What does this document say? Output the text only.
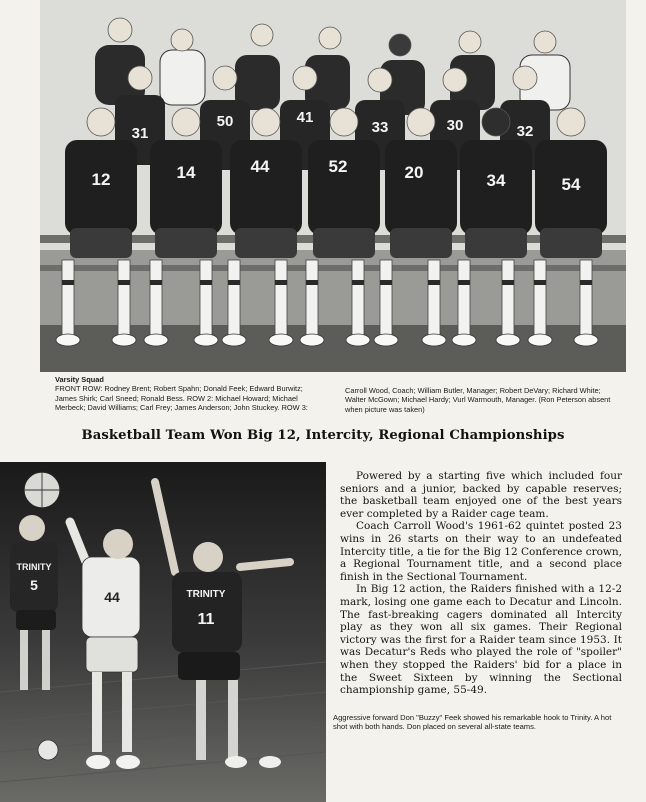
31
50	41
33	30	32
12	14	44	52	20	34	54
Varsity Squad
FRONT ROW: Rodney Brent; Robert Spahn; Donald Feek; Edward Burwitz; James Shirk; Carl Sneed; Ronald Bess. ROW 2: Michael Howard; Michael Merbeck; David Williams; Carl Frey; James Anderson; John Stuckey. ROW 3:
Carroll Wood, Coach; William Butler, Manager; Robert DeVary; Richard White; Walter McGown; Michael Hardy; Vurl Warmouth, Manager. (Ron Peterson absent when picture was taken)
Basketball Team Won Big 12, Intercity, Regional Championships
TRINITY
5
44	TRINITY
11

Powered by a starting five which included four seniors and a junior, backed by capable reserves; the basketball team enjoyed one of the best years ever completed by a Raider cage team.

Coach Carroll Wood's 1961-62 quintet posted 23 wins in 26 starts on their way to an undefeated Intercity title, a tie for the Big 12 Conference crown, a Regional Tournament title, and a second place finish in the Sectional Tournament.

In Big 12 action, the Raiders finished with a 12-2 mark, losing one game each to Decatur and Lincoln. The fast-breaking cagers dominated all Intercity play as they won all six games. Their Regional victory was the first for a Raider team since 1953. It was Decatur's Reds who played the role of "spoiler" when they stopped the Raiders' bid for a place in the Sweet Sixteen by winning the Sectional championship game, 55-49.

Aggressive forward Don "Buzzy" Feek showed his remarkable hook to Trinity. A hot shot with both hands. Don placed on several all-state teams.
